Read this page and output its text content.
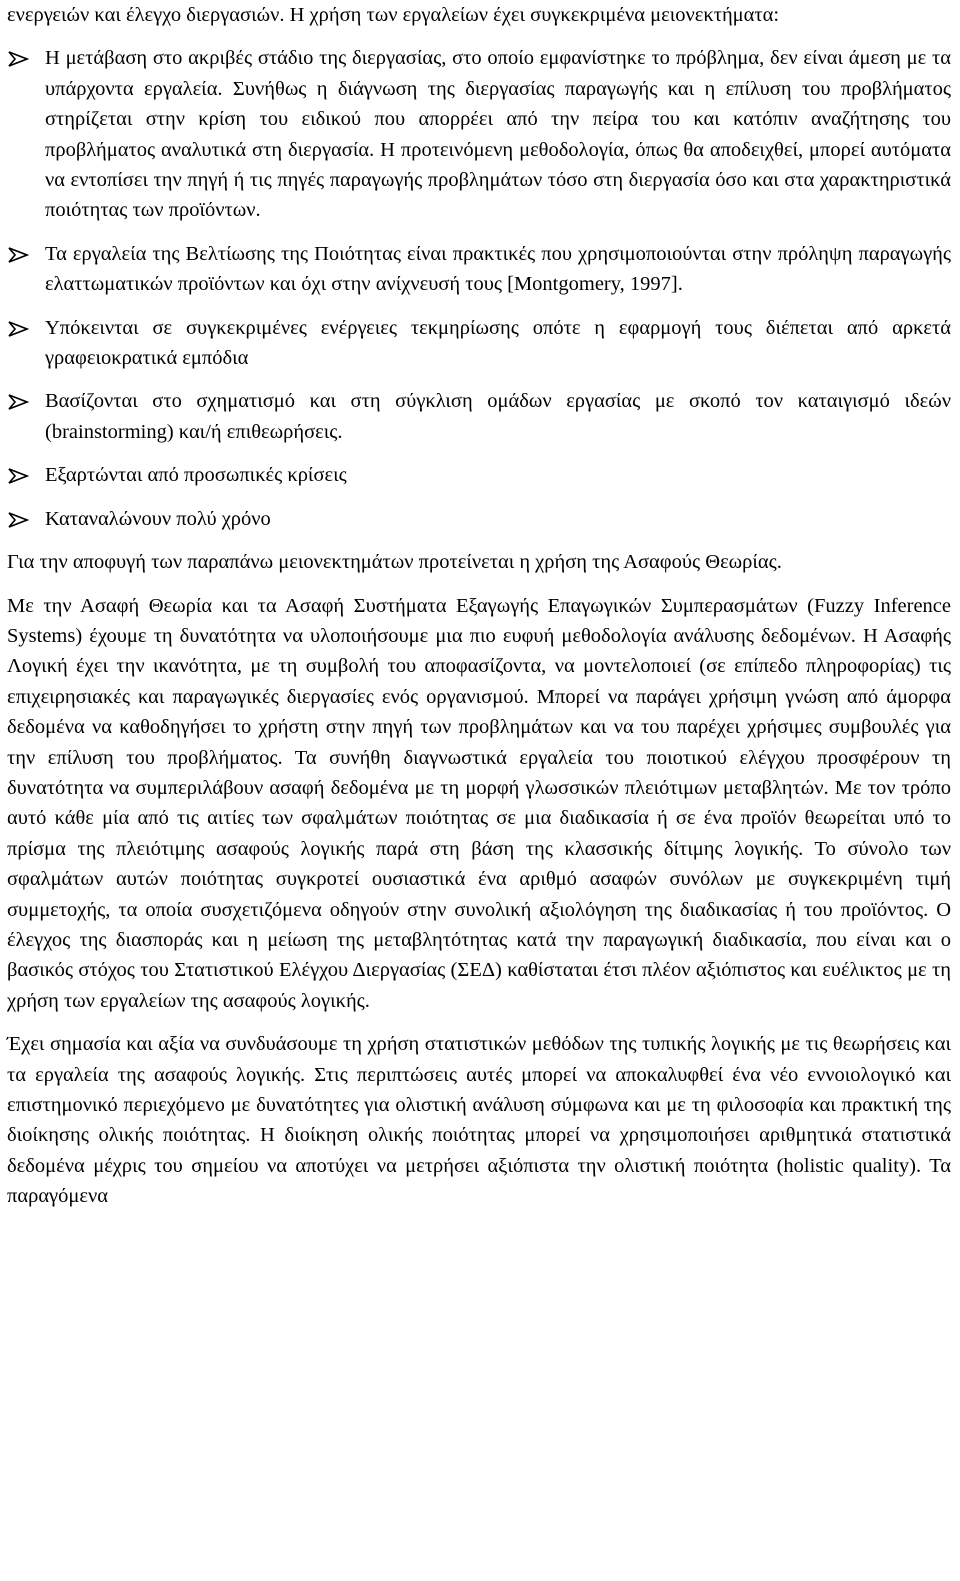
ενεργειών και έλεγχο διεργασιών. Η χρήση των εργαλείων έχει συγκεκριμένα μειονεκτήματα:

Η μετάβαση στο ακριβές στάδιο της διεργασίας, στο οποίο εμφανίστηκε το πρόβλημα, δεν είναι άμεση με τα υπάρχοντα εργαλεία. Συνήθως η διάγνωση της διεργασίας παραγωγής και η επίλυση του προβλήματος στηρίζεται στην κρίση του ειδικού που απορρέει από την πείρα του και κατόπιν αναζήτησης του προβλήματος αναλυτικά στη διεργασία. Η προτεινόμενη μεθοδολογία, όπως θα αποδειχθεί, μπορεί αυτόματα να εντοπίσει την πηγή ή τις πηγές παραγωγής προβλημάτων τόσο στη διεργασία όσο και στα χαρακτηριστικά ποιότητας των προϊόντων.
Τα εργαλεία της Βελτίωσης της Ποιότητας είναι πρακτικές που χρησιμοποιούνται στην πρόληψη παραγωγής ελαττωματικών προϊόντων και όχι στην ανίχνευσή τους [Montgomery, 1997].
Υπόκεινται σε συγκεκριμένες ενέργειες τεκμηρίωσης οπότε η εφαρμογή τους διέπεται από αρκετά γραφειοκρατικά εμπόδια
Βασίζονται στο σχηματισμό και στη σύγκλιση ομάδων εργασίας με σκοπό τον καταιγισμό ιδεών (brainstorming) και/ή επιθεωρήσεις.
Εξαρτώνται από προσωπικές κρίσεις
Καταναλώνουν πολύ χρόνο

Για την αποφυγή των παραπάνω μειονεκτημάτων προτείνεται η χρήση της Ασαφούς Θεωρίας.

Με την Ασαφή Θεωρία και τα Ασαφή Συστήματα Εξαγωγής Επαγωγικών Συμπερασμάτων (Fuzzy Inference Systems) έχουμε τη δυνατότητα να υλοποιήσουμε μια πιο ευφυή μεθοδολογία ανάλυσης δεδομένων. Η Ασαφής Λογική έχει την ικανότητα, με τη συμβολή του αποφασίζοντα, να μοντελοποιεί (σε επίπεδο πληροφορίας) τις επιχειρησιακές και παραγωγικές διεργασίες ενός οργανισμού. Μπορεί να παράγει χρήσιμη γνώση από άμορφα δεδομένα να καθοδηγήσει το χρήστη στην πηγή των προβλημάτων και να του παρέχει χρήσιμες συμβουλές για την επίλυση του προβλήματος. Τα συνήθη διαγνωστικά εργαλεία του ποιοτικού ελέγχου προσφέρουν τη δυνατότητα να συμπεριλάβουν ασαφή δεδομένα με τη μορφή γλωσσικών πλειότιμων μεταβλητών. Με τον τρόπο αυτό κάθε μία από τις αιτίες των σφαλμάτων ποιότητας σε μια διαδικασία ή σε ένα προϊόν θεωρείται υπό το πρίσμα της πλειότιμης ασαφούς λογικής παρά στη βάση της κλασσικής δίτιμης λογικής. Το σύνολο των σφαλμάτων αυτών ποιότητας συγκροτεί ουσιαστικά ένα αριθμό ασαφών συνόλων με συγκεκριμένη τιμή συμμετοχής, τα οποία συσχετιζόμενα οδηγούν στην συνολική αξιολόγηση της διαδικασίας ή του προϊόντος. Ο έλεγχος της διασποράς και η μείωση της μεταβλητότητας κατά την παραγωγική διαδικασία, που είναι και ο βασικός στόχος του Στατιστικού Ελέγχου Διεργασίας (ΣΕΔ) καθίσταται έτσι πλέον αξιόπιστος και ευέλικτος με τη χρήση των εργαλείων της ασαφούς λογικής.

Έχει σημασία και αξία να συνδυάσουμε τη χρήση στατιστικών μεθόδων της τυπικής λογικής με τις θεωρήσεις και τα εργαλεία της ασαφούς λογικής. Στις περιπτώσεις αυτές μπορεί να αποκαλυφθεί ένα νέο εννοιολογικό και επιστημονικό περιεχόμενο με δυνατότητες για ολιστική ανάλυση σύμφωνα και με τη φιλοσοφία και πρακτική της διοίκησης ολικής ποιότητας. Η διοίκηση ολικής ποιότητας μπορεί να χρησιμοποιήσει αριθμητικά στατιστικά δεδομένα μέχρις του σημείου να αποτύχει να μετρήσει αξιόπιστα την ολιστική ποιότητα (holistic quality). Τα παραγόμενα
